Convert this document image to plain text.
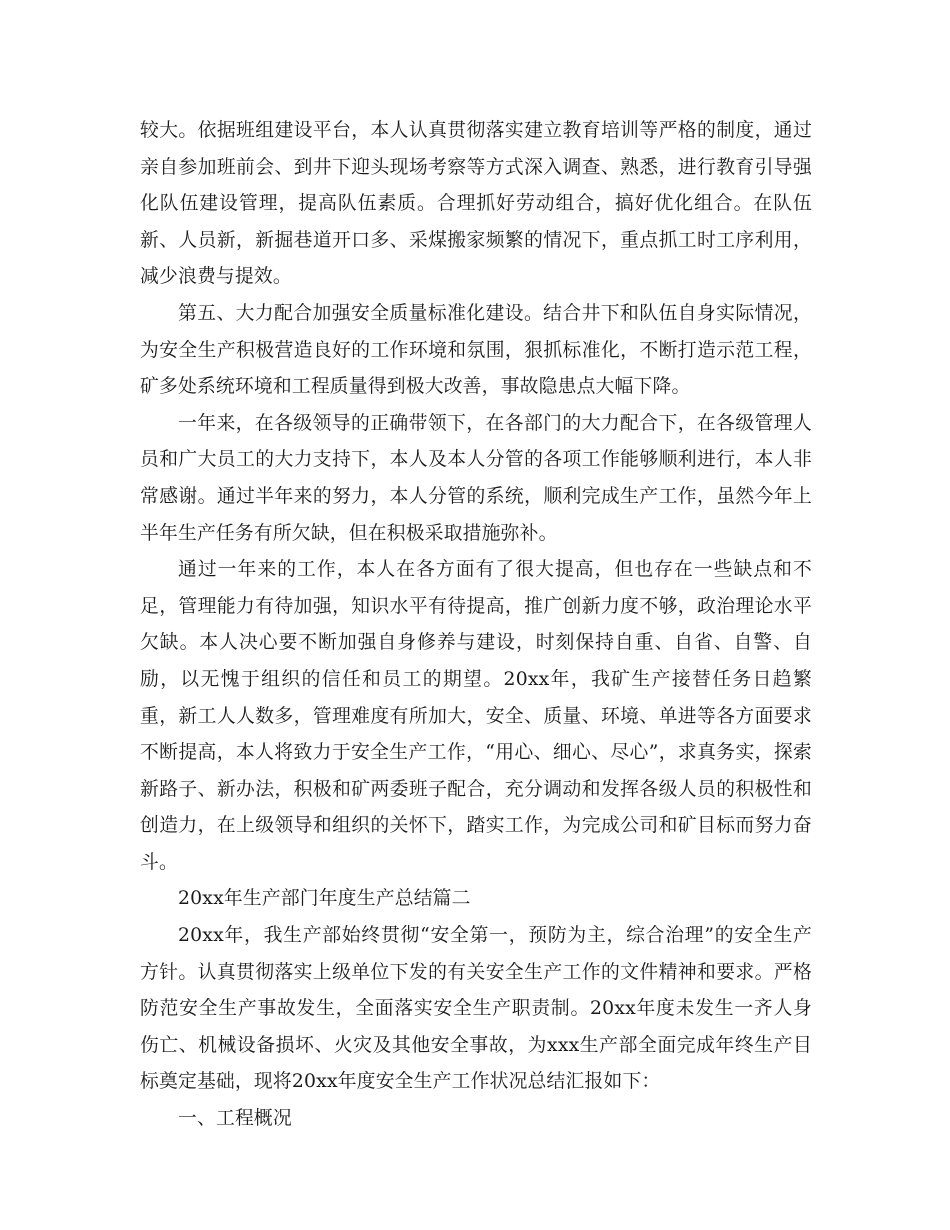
较大。依据班组建设平台，本人认真贯彻落实建立教育培训等严格的制度，通过亲自参加班前会、到井下迎头现场考察等方式深入调查、熟悉，进行教育引导强化队伍建设管理，提高队伍素质。合理抓好劳动组合，搞好优化组合。在队伍新、人员新，新掘巷道开口多、采煤搬家频繁的情况下，重点抓工时工序利用，减少浪费与提效。

第五、大力配合加强安全质量标准化建设。结合井下和队伍自身实际情况，为安全生产积极营造良好的工作环境和氛围，狠抓标准化，不断打造示范工程，矿多处系统环境和工程质量得到极大改善，事故隐患点大幅下降。

一年来，在各级领导的正确带领下，在各部门的大力配合下，在各级管理人员和广大员工的大力支持下，本人及本人分管的各项工作能够顺利进行，本人非常感谢。通过半年来的努力，本人分管的系统，顺利完成生产工作，虽然今年上半年生产任务有所欠缺，但在积极采取措施弥补。

通过一年来的工作，本人在各方面有了很大提高，但也存在一些缺点和不足，管理能力有待加强，知识水平有待提高，推广创新力度不够，政治理论水平欠缺。本人决心要不断加强自身修养与建设，时刻保持自重、自省、自警、自励，以无愧于组织的信任和员工的期望。20xx年，我矿生产接替任务日趋繁重，新工人人数多，管理难度有所加大，安全、质量、环境、单进等各方面要求不断提高，本人将致力于安全生产工作，“用心、细心、尽心”，求真务实，探索新路子、新办法，积极和矿两委班子配合，充分调动和发挥各级人员的积极性和创造力，在上级领导和组织的关怀下，踏实工作，为完成公司和矿目标而努力奋斗。

20xx年生产部门年度生产总结篇二

20xx年，我生产部始终贯彻“安全第一，预防为主，综合治理”的安全生产方针。认真贯彻落实上级单位下发的有关安全生产工作的文件精神和要求。严格防范安全生产事故发生，全面落实安全生产职责制。20xx年度未发生一齐人身伤亡、机械设备损坏、火灾及其他安全事故，为xxx生产部全面完成年终生产目标奠定基础，现将20xx年度安全生产工作状况总结汇报如下：

一、工程概况
